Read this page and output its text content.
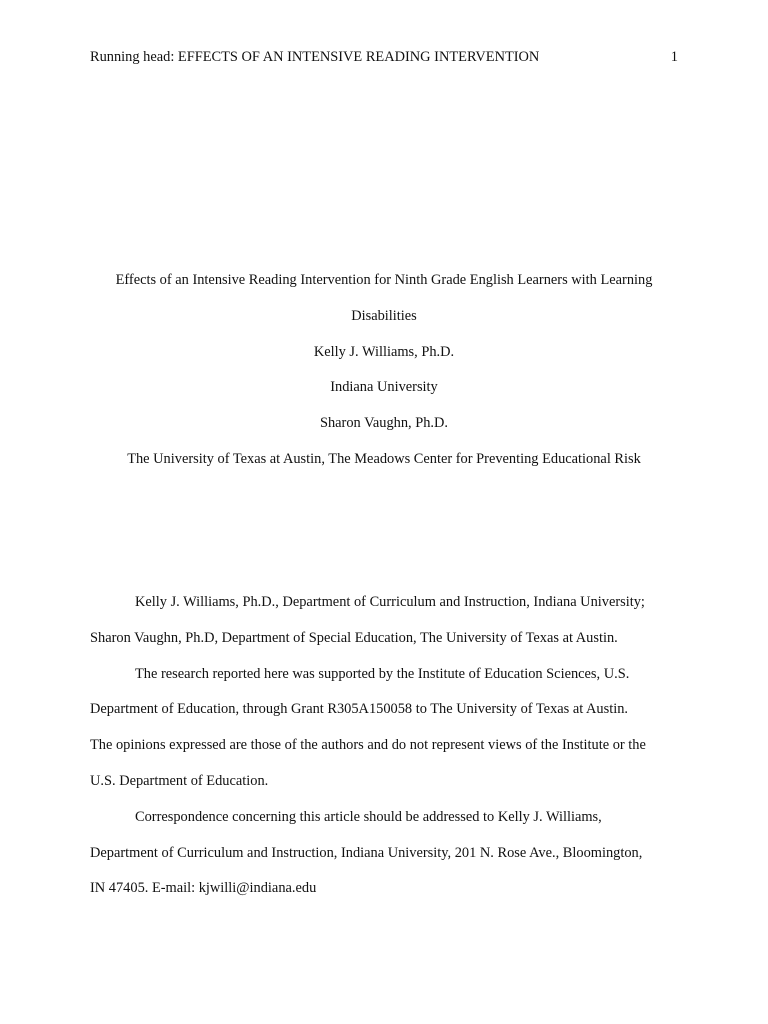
Running head: EFFECTS OF AN INTENSIVE READING INTERVENTION	1
Effects of an Intensive Reading Intervention for Ninth Grade English Learners with Learning
Disabilities
Kelly J. Williams, Ph.D.
Indiana University
Sharon Vaughn, Ph.D.
The University of Texas at Austin, The Meadows Center for Preventing Educational Risk

Kelly J. Williams, Ph.D., Department of Curriculum and Instruction, Indiana University;
Sharon Vaughn, Ph.D, Department of Special Education, The University of Texas at Austin.

The research reported here was supported by the Institute of Education Sciences, U.S.
Department of Education, through Grant R305A150058 to The University of Texas at Austin.
The opinions expressed are those of the authors and do not represent views of the Institute or the
U.S. Department of Education.

Correspondence concerning this article should be addressed to Kelly J. Williams,
Department of Curriculum and Instruction, Indiana University, 201 N. Rose Ave., Bloomington,
IN 47405. E-mail: kjwilli@indiana.edu
